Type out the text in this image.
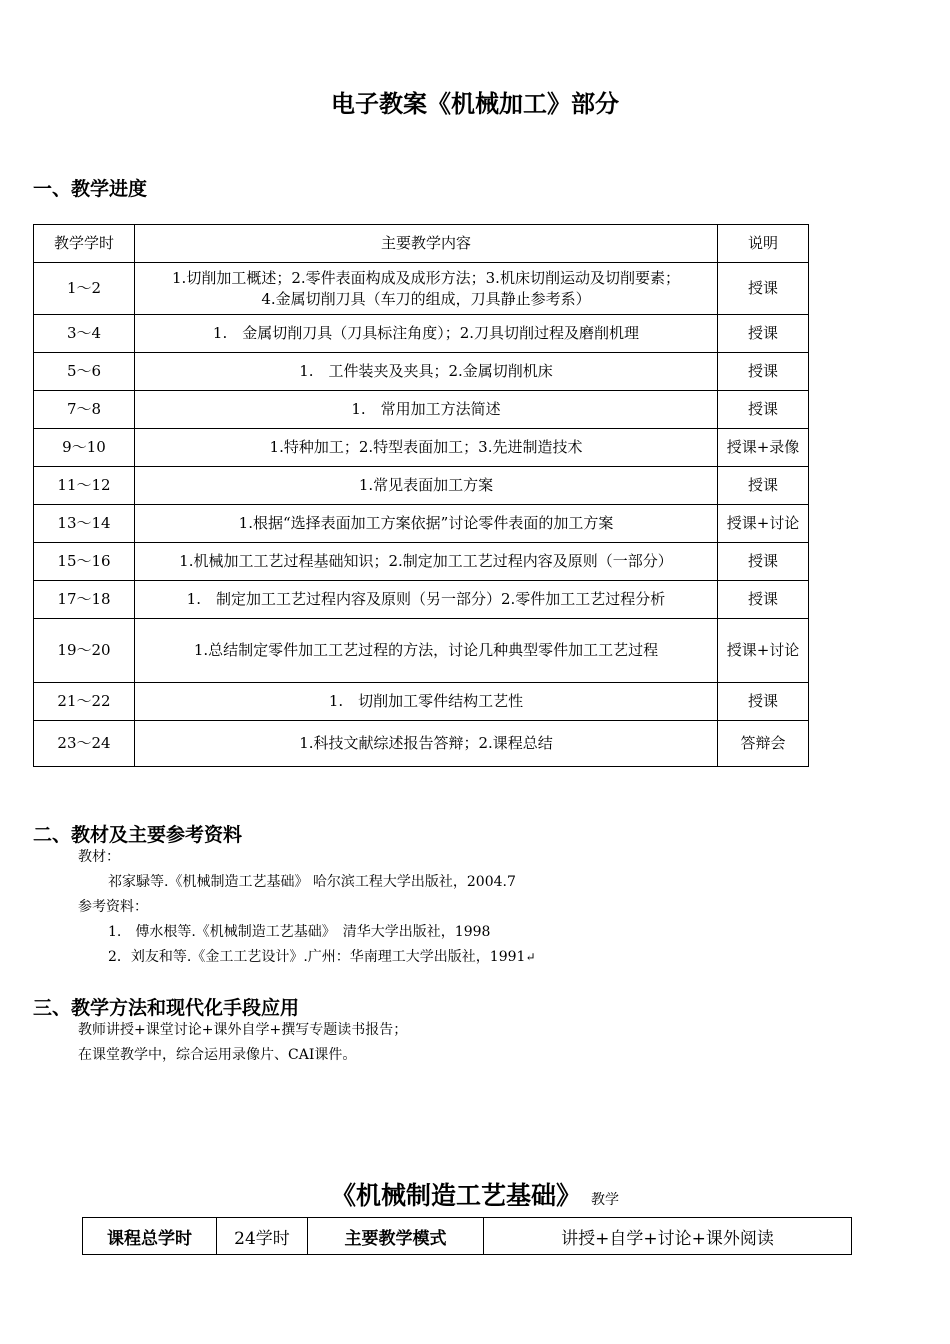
电子教案《机械加工》部分
一、教学进度
教学学时	主要教学内容	说明
1～2	1.切削加工概述；2.零件表面构成及成形方法；3.机床切削运动及切削要素；
4.金属切削刀具（车刀的组成，刀具静止参考系）	授课
3～4	1.　金属切削刀具（刀具标注角度）；2.刀具切削过程及磨削机理	授课
5～6	1.　工件装夹及夹具；2.金属切削机床	授课
7～8	1.　常用加工方法简述	授课
9～10	1.特种加工；2.特型表面加工；3.先进制造技术	授课+录像
11～12	1.常见表面加工方案	授课
13～14	1.根据“选择表面加工方案依据”讨论零件表面的加工方案	授课+讨论
15～16	1.机械加工工艺过程基础知识；2.制定加工工艺过程内容及原则（一部分）	授课
17～18	1.　制定加工工艺过程内容及原则（另一部分）2.零件加工工艺过程分析	授课
19～20	1.总结制定零件加工工艺过程的方法，讨论几种典型零件加工工艺过程	授课+讨论
21～22	1.　切削加工零件结构工艺性	授课
23～24	1.科技文献综述报告答辩；2.课程总结	答辩会
二、教材及主要参考资料
教材：
祁家騄等.《机械制造工艺基础》 哈尔滨工程大学出版社，2004.7
参考资料：
1.　傅水根等.《机械制造工艺基础》　清华大学出版社，1998
2．刘友和等.《金工工艺设计》.广州：华南理工大学出版社，1991↵
三、教学方法和现代化手段应用
教师讲授+课堂讨论+课外自学+撰写专题读书报告；
在课堂教学中，综合运用录像片、CAI课件。
《机械制造工艺基础》 教学
课程总学时	24学时	主要教学模式	讲授+自学+讨论+课外阅读
